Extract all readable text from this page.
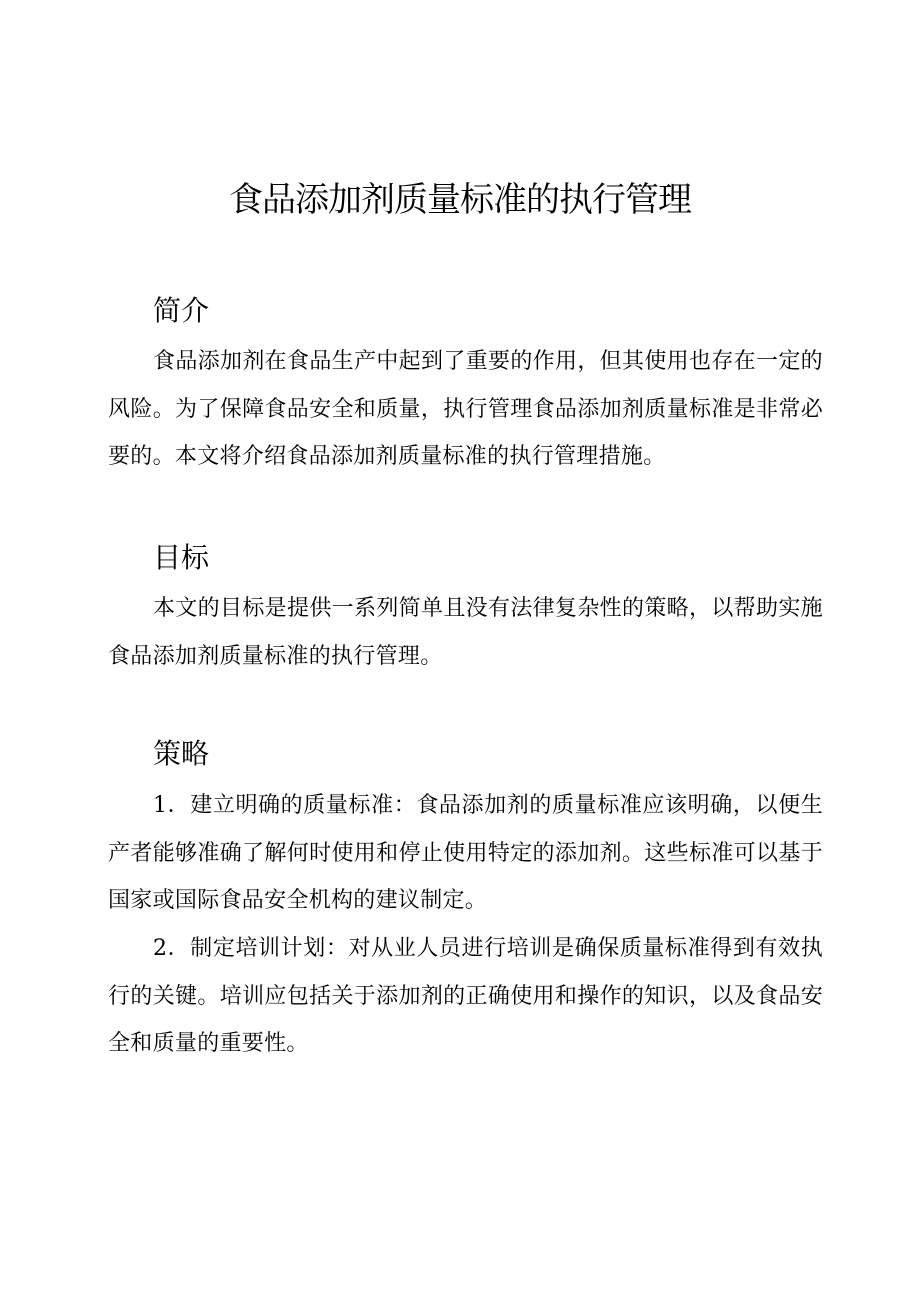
食品添加剂质量标准的执行管理
简介
食品添加剂在食品生产中起到了重要的作用，但其使用也存在一定的风险。为了保障食品安全和质量，执行管理食品添加剂质量标准是非常必要的。本文将介绍食品添加剂质量标准的执行管理措施。
目标
本文的目标是提供一系列简单且没有法律复杂性的策略，以帮助实施食品添加剂质量标准的执行管理。
策略
1．建立明确的质量标准：食品添加剂的质量标准应该明确，以便生产者能够准确了解何时使用和停止使用特定的添加剂。这些标准可以基于国家或国际食品安全机构的建议制定。
2．制定培训计划：对从业人员进行培训是确保质量标准得到有效执行的关键。培训应包括关于添加剂的正确使用和操作的知识，以及食品安全和质量的重要性。
